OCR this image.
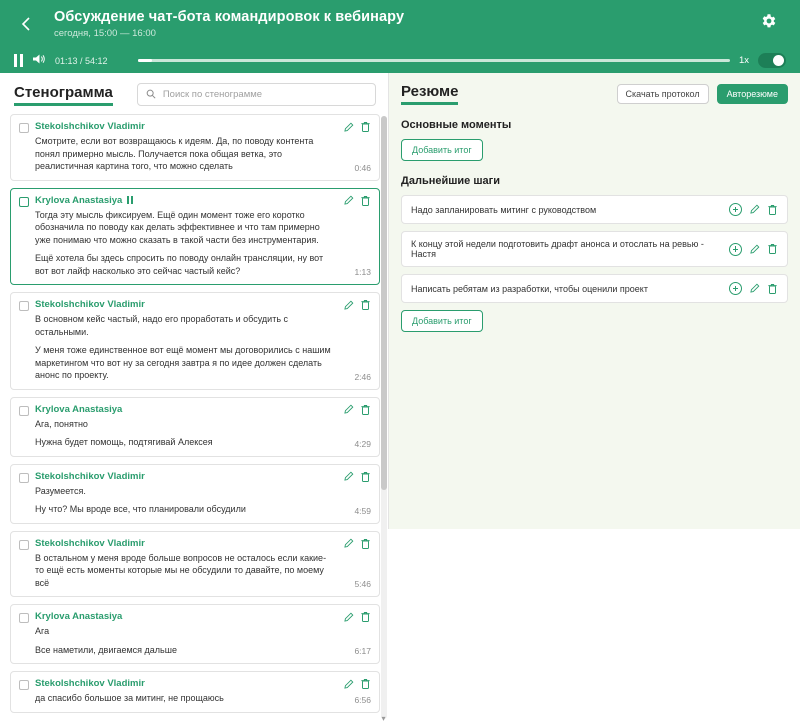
Обсуждение чат-бота командировок к вебинару
сегодня, 15:00 — 16:00
01:13 / 54:12	1x
Стенограмма
Поиск по стенограмме
Stekolshchikov Vladimir
Смотрите, если вот возвращаюсь к идеям. Да, по поводу контента понял примерно мысль. Получается пока общая ветка, это реалистичная картина того, что можно сделать	0:46
Krylova Anastasiya
Тогда эту мысль фиксируем. Ещё один момент тоже его коротко обозначила по поводу как делать эффективнее и что там примерно уже понимаю что можно сказать в такой части без инструментария.
Ещё хотела бы здесь спросить по поводу онлайн трансляции, ну вот вот вот лайф насколько это сейчас частый кейс?	1:13
Stekolshchikov Vladimir
В основном кейс частый, надо его проработать и обсудить с остальными.
У меня тоже единственное вот ещё момент мы договорились с нашим маркетингом что вот ну за сегодня завтра я по идее должен сделать анонс по проекту.	2:46
Krylova Anastasiya
Ага, понятно
Нужна будет помощь, подтягивай Алексея	4:29
Stekolshchikov Vladimir
Разумеется.
Ну что? Мы вроде все, что планировали обсудили	4:59
Stekolshchikov Vladimir
В остальном у меня вроде больше вопросов не осталось если какие-то ещё есть моменты которые мы не обсудили то давайте, по моему всё	5:46
Krylova Anastasiya
Ага
Все наметили, двигаемся дальше	6:17
Stekolshchikov Vladimir
да спасибо большое за митинг, не прощаюсь	6:56
▾
Резюме	Скачать протокол	Авторезюме
Основные моменты
Добавить итог
Дальнейшие шаги
Надо запланировать митинг с руководством
К концу этой недели подготовить драфт анонса и отослать на ревью - Настя
Написать ребятам из разработки, чтобы оценили проект
Добавить итог
